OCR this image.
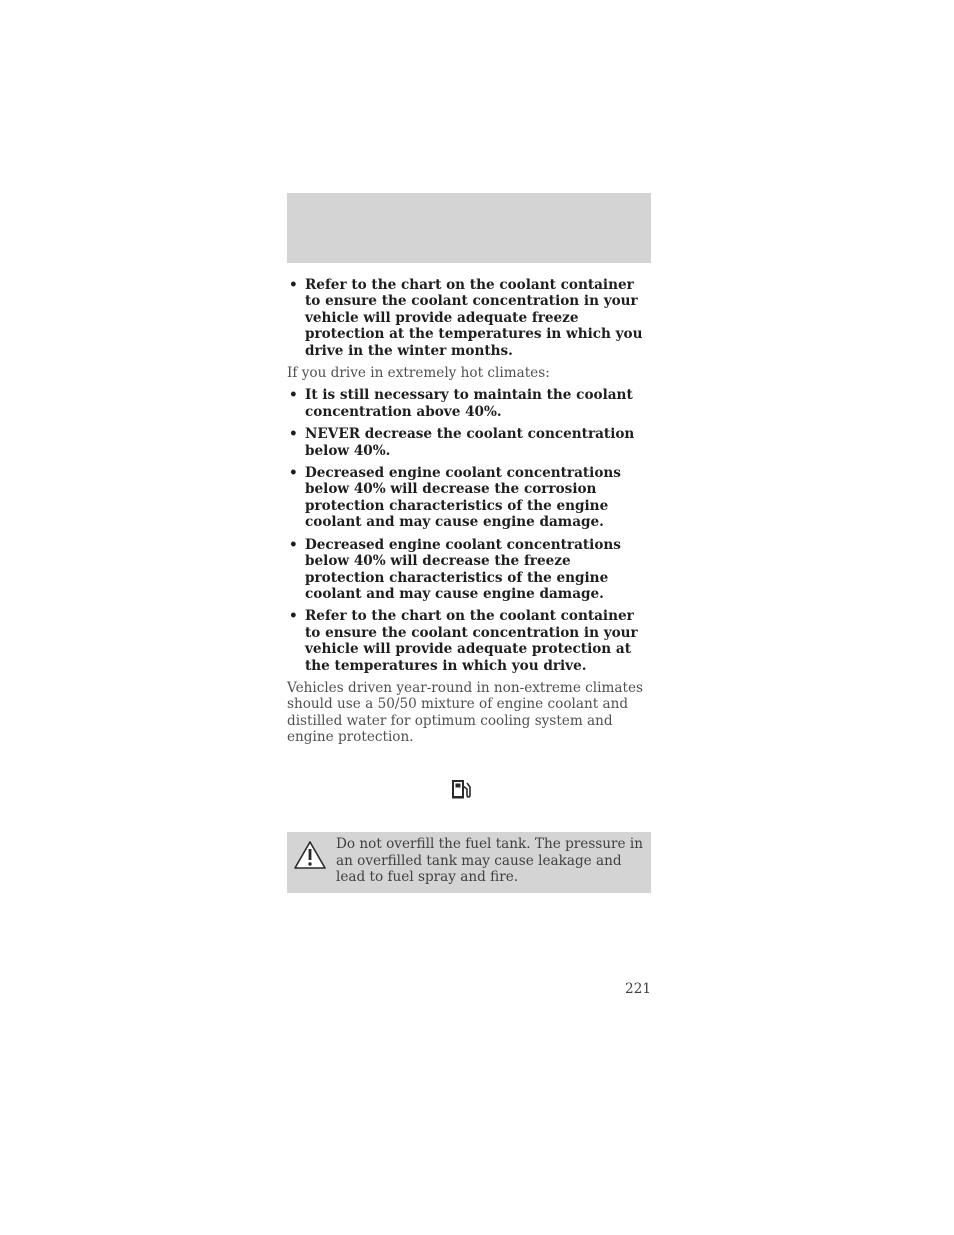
• Refer to the chart on the coolant container to ensure the coolant concentration in your vehicle will provide adequate freeze protection at the temperatures in which you drive in the winter months.

If you drive in extremely hot climates:

• It is still necessary to maintain the coolant concentration above 40%.
• NEVER decrease the coolant concentration below 40%.
• Decreased engine coolant concentrations below 40% will decrease the corrosion protection characteristics of the engine coolant and may cause engine damage.
• Decreased engine coolant concentrations below 40% will decrease the freeze protection characteristics of the engine coolant and may cause engine damage.
• Refer to the chart on the coolant container to ensure the coolant concentration in your vehicle will provide adequate protection at the temperatures in which you drive.

Vehicles driven year-round in non-extreme climates should use a 50/50 mixture of engine coolant and distilled water for optimum cooling system and engine protection.

Do not overfill the fuel tank. The pressure in an overfilled tank may cause leakage and lead to fuel spray and fire.
221
